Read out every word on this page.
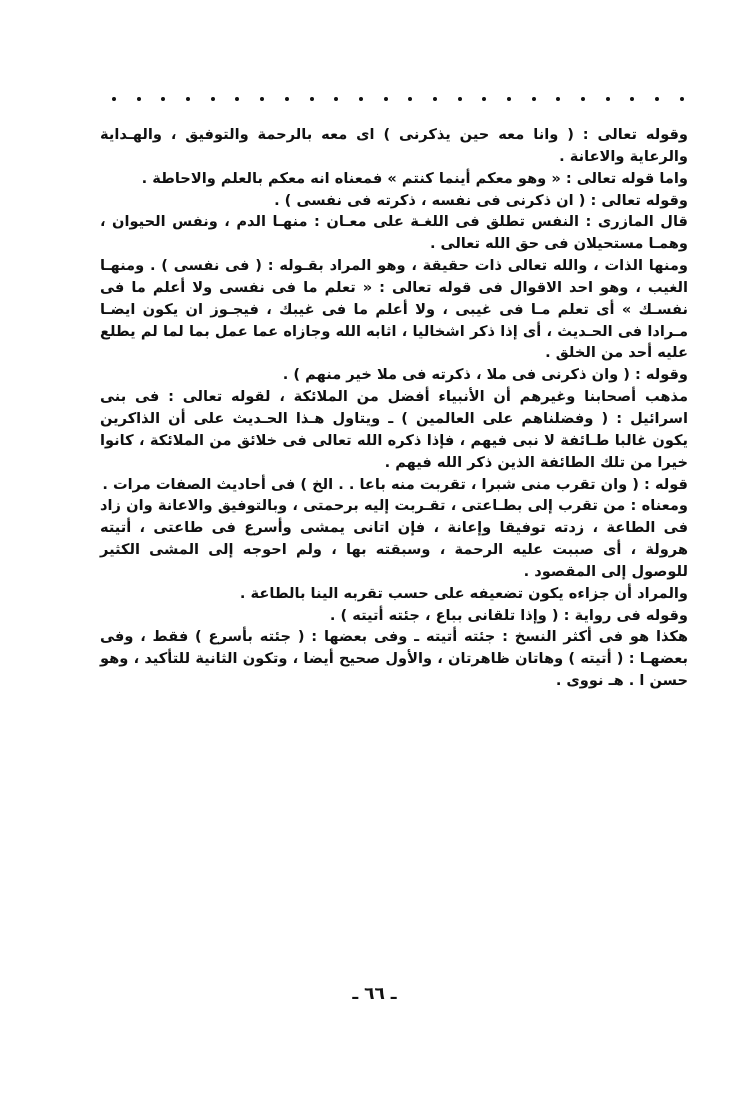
وقوله تعالى : ( وانا معه حين يذكرنى ) اى معه بالرحمة والتوفيق ، والهـداية والرعاية والاعانة .

واما قوله تعالى : « وهو معكم أينما كنتم » فمعناه انه معكم بالعلم والاحاطة .

وقوله تعالى : ( ان ذكرنى فى نفسه ، ذكرته فى نفسى ) .

قال المازرى : النفس تطلق فى اللغـة على معـان : منهـا الدم ، ونفس الحيوان ، وهمـا مستحيلان فى حق الله تعالى .

ومنها الذات ، والله تعالى ذات حقيقة ، وهو المراد بقـوله : ( فى نفسى ) . ومنهـا الغيب ، وهو احد الاقوال فى قوله تعالى : « تعلم ما فى نفسى ولا أعلم ما فى نفسـك » أى تعلم مـا فى غيبى ، ولا أعلم ما فى غيبك ، فيجـوز ان يكون ايضـا مـرادا فى الحـديث ، أى إذا ذكر اشخاليا ، اثابه الله وجازاه عما عمل بما لما لم يطلع عليه أحد من الخلق .

وقوله : ( وان ذكرنى فى ملا ، ذكرته فى ملا خير منهم ) .

مذهب أصحابنا وغيرهم أن الأنبياء أفضل من الملائكة ، لقوله تعالى : فى بنى اسرائيل : ( وفضلناهم على العالمين ) ـ ويتاول هـذا الحـديث على أن الذاكرين يكون غالبا طـائفة لا نبى فيهم ، فإذا ذكره الله تعالى فى خلائق من الملائكة ، كانوا خيرا من تلك الطائفة الذين ذكر الله فيهم .

قوله : ( وان تقرب منى شبرا ، تقربت منه باعا . . الخ ) فى أحاديث الصفات مرات .

ومعناه : من تقرب إلى بطـاعتى ، تقـربت إليه برحمتى ، وبالتوفيق والاعانة وان زاد فى الطاعة ، زدته توفيقا وإعانة ، فإن اتانى يمشى وأسرع فى طاعتى ، أتيته هرولة ، أى صببت عليه الرحمة ، وسبقته بها ، ولم احوجه إلى المشى الكثير للوصول إلى المقصود .

والمراد أن جزاءه يكون تضعيفه على حسب تقربه الينا بالطاعة .

وقوله فى رواية : ( وإذا تلقانى بباع ، جئته أتيته ) .

هكذا هو فى أكثر النسخ : جئته أتيته ـ وفى بعضها : ( جئته بأسرع ) فقط ، وفى بعضهـا : ( أتيته ) وهاتان ظاهرتان ، والأول صحيح أيضا ، وتكون الثانية للتأكيد ، وهو حسن ا . هـ نووى .

ـ ٦٦ ـ
